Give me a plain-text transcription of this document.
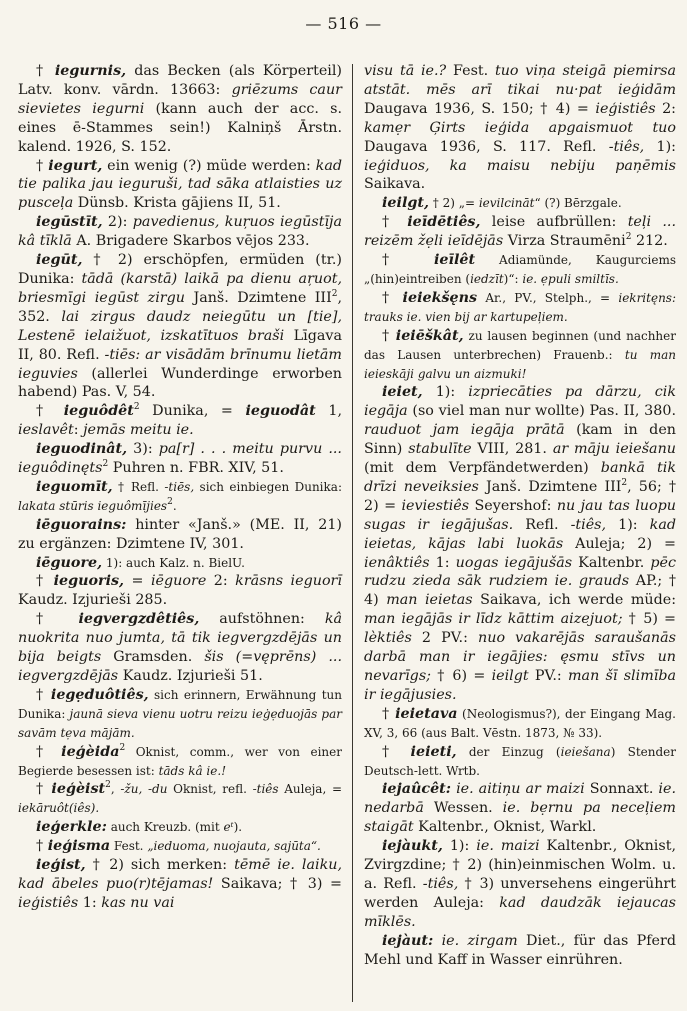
— 516 —

† iegurnis, das Becken (als Körperteil) Latv. konv. vārdn. 13663: griēzums caur sievietes iegurni (kann auch der acc. s. eines ē-Stammes sein!) Kalniņš Ārstn. kalend. 1926, S. 152.

† iegurt, ein wenig (?) müde werden: kad tie palika jau ieguruši, tad sāka atlaisties uz pusceļa Dünsb. Krista gājiens II, 51.

iegūstīt, 2): pavedienus, kuŗuos iegūstīja kâ tīklā A. Brigadere Skarbos vējos 233.

iegūt, † 2) erschöpfen, ermüden (tr.) Dunika: tādā (karstā) laikā pa dienu aŗuot, briesmīgi iegūst zirgu Janš. Dzimtene III$^2$, 352. lai zirgus daudz neiegūtu un [tie], Lestenē ielaižuot, izskatītuos braši Līgava II, 80. Refl. -tiēs: ar visādām brīnumu lietām ieguvies (allerlei Wunderdinge erworben habend) Pas. V, 54.

† ieguôdêt$^2$ Dunika, = ieguodât 1, ieslavêt: jemās meitu ie.

ieguodinât, 3): pa[r] . . . meitu purvu ... ieguôdinęts$^2$ Puhren n. FBR. XIV, 51.

ieguomīt, † Refl. -tiēs, sich einbiegen Dunika: lakata stūris ieguômījies$^2$.

iēguorains: hinter «Janš.» (ME. II, 21) zu ergänzen: Dzimtene IV, 301.

iēguore, 1): auch Kalz. n. BielU.

† ieguoris, = iēguore 2: krāsns ieguorī Kaudz. Izjurieši 285.

† iegvergzdêtiês, aufstöhnen: kâ nuokrita nuo jumta, tā tik iegvergzdējās un bija beigts Gramsden. šis (=vęprēns) ... iegvergzdējās Kaudz. Izjurieši 51.

† iegẹduôtiês, sich erinnern, Erwähnung tun Dunika: jaunā sieva vienu uotru reizu ieġẹduojās par savām tẹva mājām.

† ieģèida$^2$ Oknist, comm., wer von einer Begierde besessen ist: tāds kâ ie.!

† ieģèist$^2$, -žu, -du Oknist, refl. -tiês Auleja, = iekāruôt(iês).

ieģerkle: auch Kreuzb. (mit eᵗ).

† ieģisma Fest. „ieduoma, nuojauta, sajūta“.

ieģist, † 2) sich merken: tēmē ie. laiku, kad ābeles puo(r)tējamas! Saikava; † 3) = ieģistiês 1: kas nu vai

visu tā ie.? Fest. tuo viņa steigā piemirsa atstāt. mēs arī tikai nu·pat ieģidām Daugava 1936, S. 150; † 4) = ieģistiês 2: kamẹr Ģirts ieģida apgaismuot tuo Daugava 1936, S. 117. Refl. -tiês, 1): ieģiduos, ka maisu nebiju paņēmis Saikava.

ieilgt, † 2) „= ievilcināt“ (?) Bērzgale.

† ieīdētiês, leise aufbrüllen: teļi ... reizēm žẹli ieīdējās Virza Straumēni$^2$ 212.

† ieīlêt Adiamünde, Kaugurciems „(hin)eintreiben (iedzīt)“: ie. ẹpuli smiltīs.

† ieiekšęns Ar., PV., Stelph., = iekritęns: trauks ie. vien bij ar kartupeļiem.

† ieiēškât, zu lausen beginnen (und nachher das Lausen unterbrechen) Frauenb.: tu man ieieskāji galvu un aizmuki!

ieiet, 1): izpriecāties pa dārzu, cik iegāja (so viel man nur wollte) Pas. II, 380. rauduot jam iegāja prātā (kam in den Sinn) stabulīte VIII, 281. ar māju ieiešanu (mit dem Verpfändetwerden) bankā tik drīzi neveiksies Janš. Dzimtene III$^2$, 56; † 2) = ieviestiês Seyershof: nu jau tas luopu sugas ir iegājušas. Refl. -tiês, 1): kad ieietas, kājas labi luokās Auleja; 2) = ienâktiês 1: uogas iegājušās Kaltenbr. pēc rudzu zieda sāk rudziem ie. grauds AP.; † 4) man ieietas Saikava, ich werde müde: man iegājās ir līdz kāttim aizejuot; † 5) = lèktiês 2 PV.: nuo vakarējās saraušanās darbā man ir iegājies: ęsmu stīvs un nevarīgs; † 6) = ieilgt PV.: man šī slimība ir iegājusies.

† ieietava (Neologismus?), der Eingang Mag. XV, 3, 66 (aus Balt. Vēstn. 1873, № 33).

† ieieti, der Einzug (ieiešana) Stender Deutsch-lett. Wrtb.

iejaûcêt: ie. aitiņu ar maizi Sonnaxt. ie. nedarbā Wessen. ie. bẹrnu pa neceļiem staigāt Kaltenbr., Oknist, Warkl.

iejàukt, 1): ie. maizi Kaltenbr., Oknist, Zvirgzdine; † 2) (hin)einmischen Wolm. u. a. Refl. -tiês, † 3) unversehens eingerührt werden Auleja: kad daudzāk iejaucas mīklēs.

iejàut: ie. zirgam Diet., für das Pferd Mehl und Kaff in Wasser einrühren.
